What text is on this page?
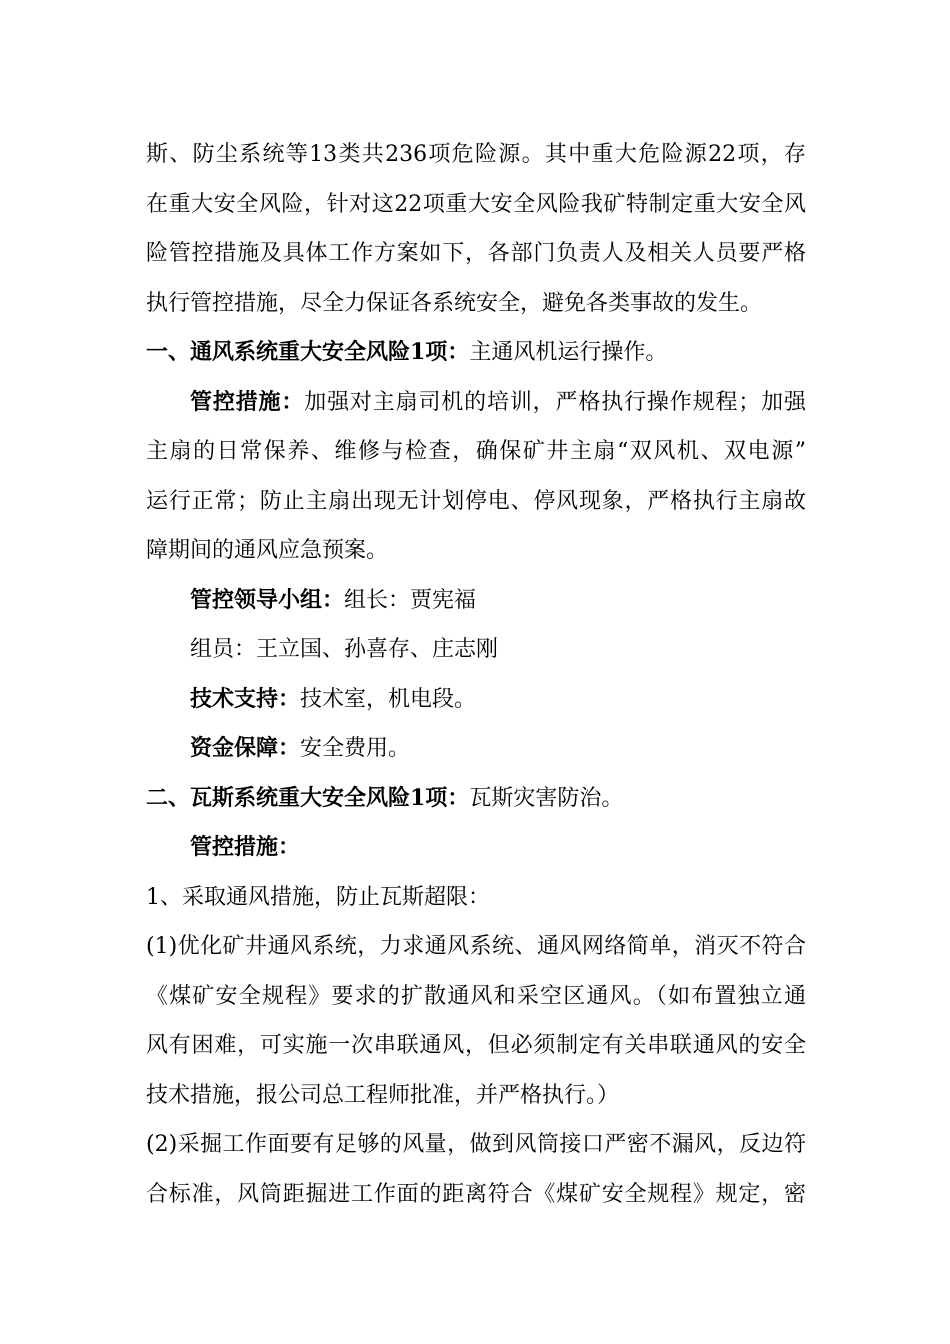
斯、防尘系统等13类共236项危险源。其中重大危险源22项，存
在重大安全风险，针对这22项重大安全风险我矿特制定重大安全风
险管控措施及具体工作方案如下，各部门负责人及相关人员要严格
执行管控措施，尽全力保证各系统安全，避免各类事故的发生。
一、通风系统重大安全风险1项：主通风机运行操作。
管控措施：加强对主扇司机的培训，严格执行操作规程；加强
主扇的日常保养、维修与检查，确保矿井主扇“双风机、双电源”
运行正常；防止主扇出现无计划停电、停风现象，严格执行主扇故
障期间的通风应急预案。
管控领导小组：组长：贾宪福
组员：王立国、孙喜存、庄志刚
技术支持：技术室，机电段。
资金保障：安全费用。
二、瓦斯系统重大安全风险1项：瓦斯灾害防治。
管控措施：
1、采取通风措施，防止瓦斯超限：
(1)优化矿井通风系统，力求通风系统、通风网络简单，消灭不符合
《煤矿安全规程》要求的扩散通风和采空区通风。（如布置独立通
风有困难，可实施一次串联通风，但必须制定有关串联通风的安全
技术措施，报公司总工程师批准，并严格执行。）
(2)采掘工作面要有足够的风量，做到风筒接口严密不漏风，反边符
合标准，风筒距掘进工作面的距离符合《煤矿安全规程》规定，密
